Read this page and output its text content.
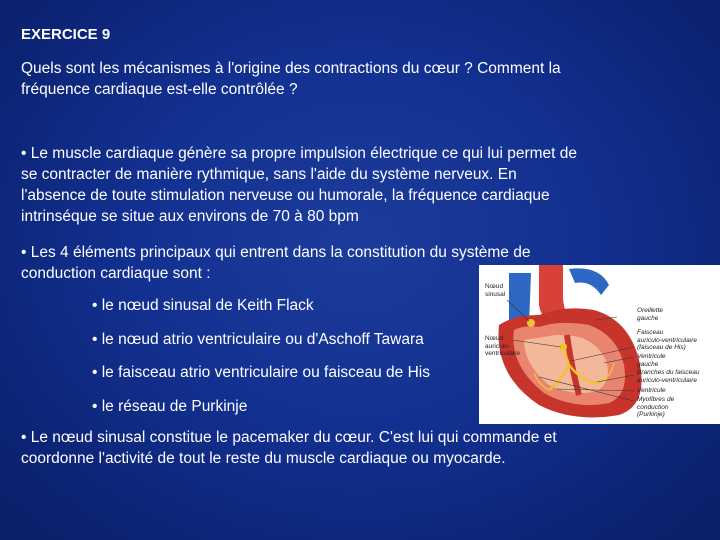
EXERCICE 9
Quels sont les mécanismes à l'origine des contractions du cœur ? Comment la
fréquence cardiaque est‑elle contrôlée ?
• Le muscle cardiaque génère sa propre impulsion électrique ce qui lui permet de
se contracter de manière rythmique, sans l'aide du système nerveux. En
l'absence de toute stimulation nerveuse ou humorale, la fréquence cardiaque
intrinséque se situe aux environs de 70 à 80 bpm
• Les 4 éléments principaux qui entrent dans la constitution du système de
conduction cardiaque sont :
• le nœud sinusal de Keith Flack
• le nœud atrio ventriculaire ou d'Aschoff Tawara
• le faisceau atrio ventriculaire ou faisceau de His
• le réseau de Purkinje
Nœud
sinusal
Nœud
auriculo-
ventriculaire
Oreillette
gauche
Faisceau
auriculo-ventriculaire
(faisceau de His)
Ventricule
gauche
Branches du faisceau
auriculo-ventriculaire
Ventricule
Myofibres de
conduction
(Purkinje)
• Le nœud sinusal constitue le pacemaker du cœur. C'est lui qui commande et
coordonne l'activité de tout le reste du muscle cardiaque ou myocarde.
